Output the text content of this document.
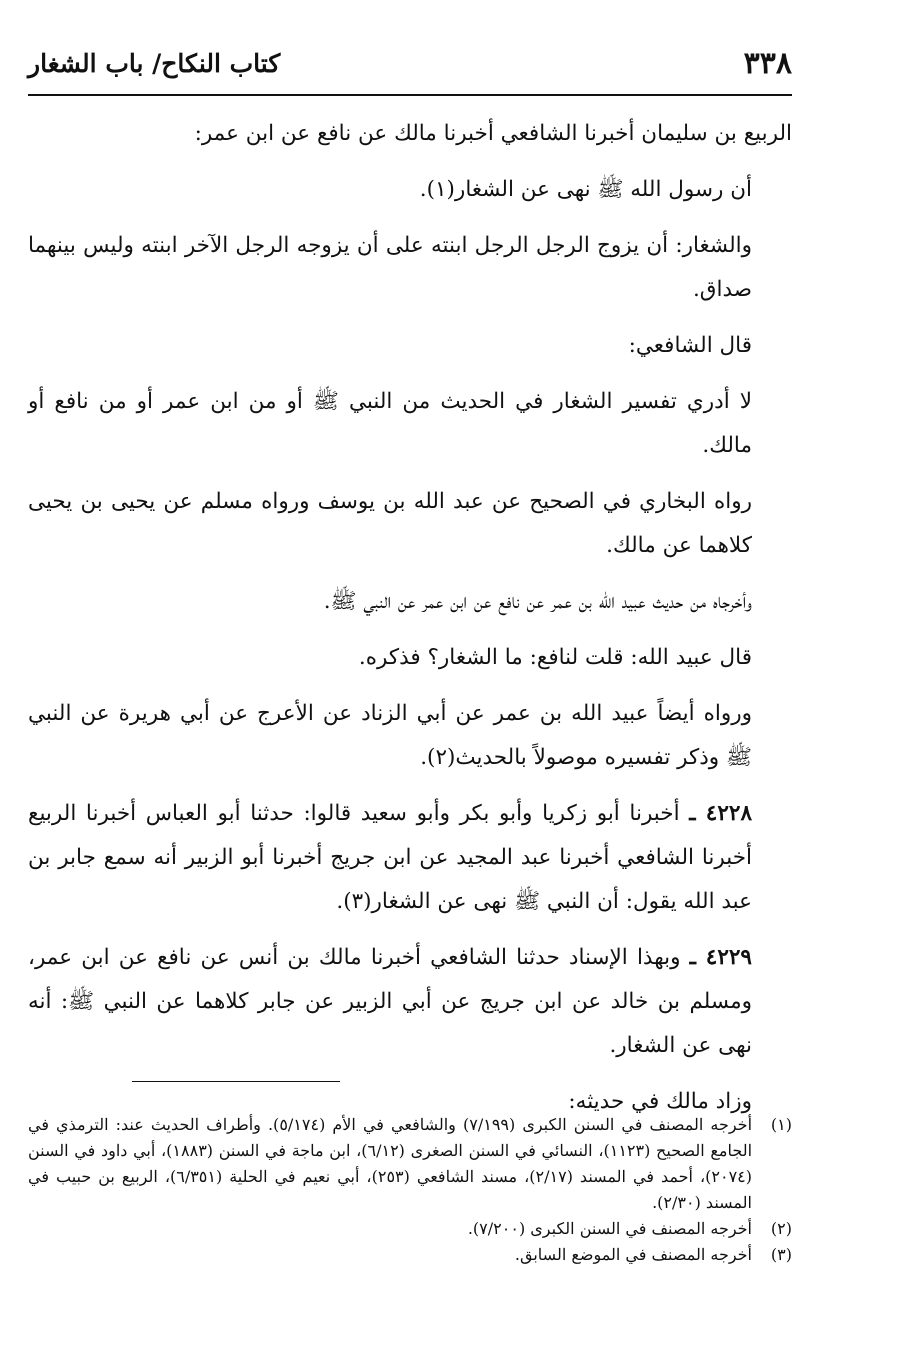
٣٣٨
كتاب النكاح/ باب الشغار

الربيع بن سليمان أخبرنا الشافعي أخبرنا مالك عن نافع عن ابن عمر:

أن رسول الله ﷺ نهى عن الشغار(١).

والشغار: أن يزوج الرجل الرجل ابنته على أن يزوجه الرجل الآخر ابنته وليس بينهما صداق.

قال الشافعي:

لا أدري تفسير الشغار في الحديث من النبي ﷺ أو من ابن عمر أو من نافع أو مالك.

رواه البخاري في الصحيح عن عبد الله بن يوسف ورواه مسلم عن يحيى بن يحيى كلاهما عن مالك.

وأخرجاه من حديث عبيد الله بن عمر عن نافع عن ابن عمر عن النبي ﷺ.

قال عبيد الله: قلت لنافع: ما الشغار؟ فذكره.

ورواه أيضاً عبيد الله بن عمر عن أبي الزناد عن الأعرج عن أبي هريرة عن النبي ﷺ وذكر تفسيره موصولاً بالحديث(٢).

٤٢٢٨ ـ أخبرنا أبو زكريا وأبو بكر وأبو سعيد قالوا: حدثنا أبو العباس أخبرنا الربيع أخبرنا الشافعي أخبرنا عبد المجيد عن ابن جريج أخبرنا أبو الزبير أنه سمع جابر بن عبد الله يقول: أن النبي ﷺ نهى عن الشغار(٣).

٤٢٢٩ ـ وبهذا الإسناد حدثنا الشافعي أخبرنا مالك بن أنس عن نافع عن ابن عمر، ومسلم بن خالد عن ابن جريج عن أبي الزبير عن جابر كلاهما عن النبي ﷺ: أنه نهى عن الشغار.

وزاد مالك في حديثه:

(١)
أخرجه المصنف في السنن الكبرى (٧/١٩٩) والشافعي في الأم (٥/١٧٤). وأطراف الحديث عند: الترمذي في الجامع الصحيح (١١٢٣)، النسائي في السنن الصغرى (٦/١٢)، ابن ماجة في السنن (١٨٨٣)، أبي داود في السنن (٢٠٧٤)، أحمد في المسند (٢/١٧)، مسند الشافعي (٢٥٣)، أبي نعيم في الحلية (٦/٣٥١)، الربيع بن حبيب في المسند (٢/٣٠).
(٢)
أخرجه المصنف في السنن الكبرى (٧/٢٠٠).
(٣)
أخرجه المصنف في الموضع السابق.
